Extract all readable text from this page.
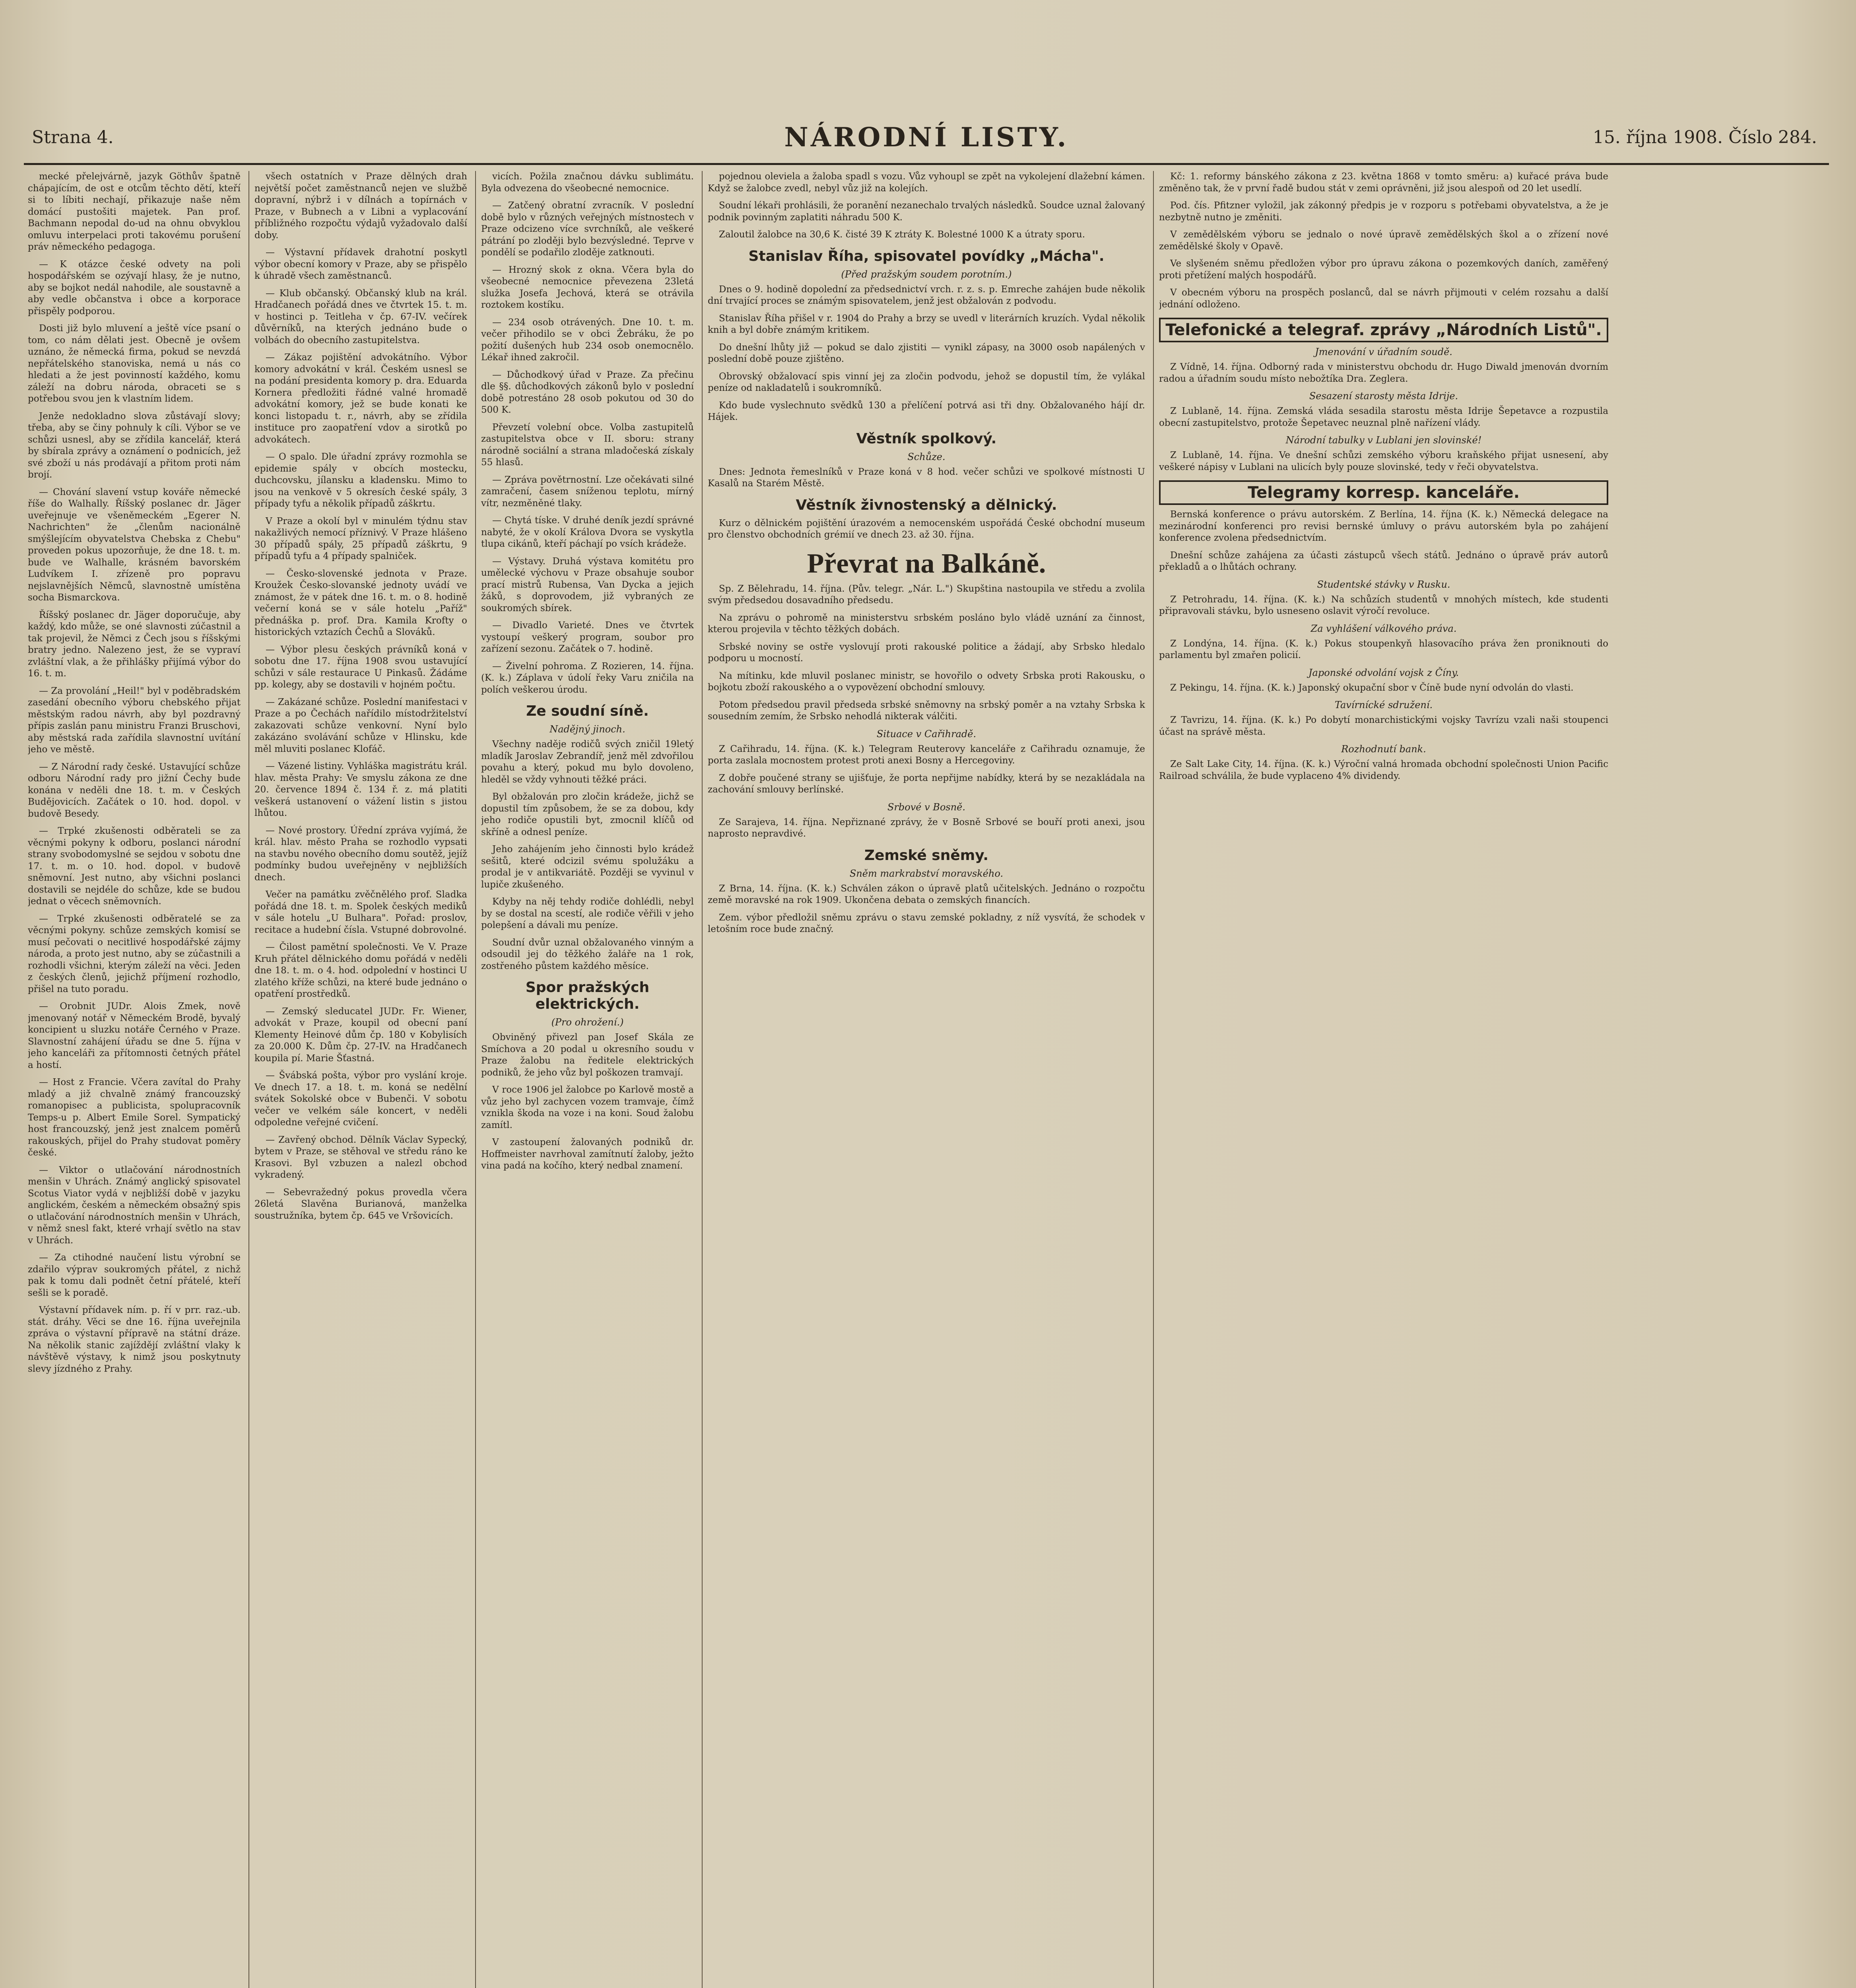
Strana 4.	NÁRODNÍ LISTY.	15. října 1908. Číslo 284.

mecké přelejvárně, jazyk Göthův špatně chápajícím, de ost e otcům těchto dětí, kteří si to líbiti nechají, přikazuje naše něm domácí pustošiti majetek. Pan prof. Bachmann nepodal do-ud na ohnu obvyklou omluvu interpelaci proti takovému porušení práv německého pedagoga.

— K otázce české odvety na poli hospodářském se ozývají hlasy, že je nutno, aby se bojkot nedál nahodile, ale soustavně a aby vedle občanstva i obce a korporace přispěly podporou.

Dosti již bylo mluvení a ještě více psaní o tom, co nám dělati jest. Obecně je ovšem uznáno, že německá firma, pokud se nevzdá nepřátelského stanoviska, nemá u nás co hledati a že jest povinností každého, komu záleží na dobru národa, obraceti se s potřebou svou jen k vlastním lidem.

Jenže nedokladno slova zůstávají slovy; třeba, aby se činy pohnuly k cíli. Výbor se ve schůzi usnesl, aby se zřídila kancelář, která by sbírala zprávy a oznámení o podnicích, jež své zboží u nás prodávají a přitom proti nám brojí.

— Chování slavení vstup kováře německé říše do Walhally. Říšský poslanec dr. Jäger uveřejnuje ve všeněmeckém „Egerer N. Nachrichten" že „členům nacionálně smýšlejícím obyvatelstva Chebska z Chebu" proveden pokus upozorňuje, že dne 18. t. m. bude ve Walhalle, krásném bavorském Ludvíkem I. zřízeně pro popravu nejslavnějších Němců, slavnostně umístěna socha Bismarckova.

Říšský poslanec dr. Jäger doporučuje, aby každý, kdo může, se oné slavnosti zúčastnil a tak projevil, že Němci z Čech jsou s říšskými bratry jedno. Nalezeno jest, že se vypraví zvláštní vlak, a že přihlášky přijímá výbor do 16. t. m.

— Za provolání „Heil!" byl v poděbradském zasedání obecního výboru chebského přijat městským radou návrh, aby byl pozdravný přípis zaslán panu ministru Franzi Bruschovi, aby městská rada zařídila slavnostní uvítání jeho ve městě.

— Z Národní rady české. Ustavující schůze odboru Národní rady pro jižní Čechy bude konána v neděli dne 18. t. m. v Českých Budějovicích. Začátek o 10. hod. dopol. v budově Besedy.

— Trpké zkušenosti odběrateli se za věcnými pokyny k odboru, poslanci národní strany svobodomyslné se sejdou v sobotu dne 17. t. m. o 10. hod. dopol. v budově sněmovní. Jest nutno, aby všichni poslanci dostavili se nejdéle do schůze, kde se budou jednat o věcech sněmovních.

— Trpké zkušenosti odběratelé se za věcnými pokyny. schůze zemských komisí se musí pečovati o necitlivé hospodářské zájmy národa, a proto jest nutno, aby se zúčastnili a rozhodli všichni, kterým záleží na věci. Jeden z českých členů, jejichž příjmení rozhodlo, přišel na tuto poradu.

— Orobnit JUDr. Alois Zmek, nově jmenovaný notář v Německém Brodě, byvalý koncipient u sluzku notáře Černého v Praze. Slavnostní zahájení úřadu se dne 5. října v jeho kanceláři za přítomnosti četných přátel a hostí.

— Host z Francie. Včera zavítal do Prahy mladý a již chvalně známý francouzský romanopisec a publicista, spolupracovník Temps-u p. Albert Emile Sorel. Sympatický host francouzský, jenž jest znalcem poměrů rakouských, přijel do Prahy studovat poměry české.

— Viktor o utlačování národnostních menšin v Uhrách. Známý anglický spisovatel Scotus Viator vydá v nejbližší době v jazyku anglickém, českém a německém obsažný spis o utlačování národnostních menšin v Uhrách, v němž snesl fakt, které vrhají světlo na stav v Uhrách.

— Za ctihodné naučení listu výrobní se zdařilo výprav soukromých přátel, z nichž pak k tomu dali podnět četní přátelé, kteří sešli se k poradě.

Výstavní přídavek ním. p. ří v prr. raz.-ub. stát. dráhy. Věci se dne 16. října uveřejnila zpráva o výstavní přípravě na státní dráze. Na několik stanic zajíždějí zvláštní vlaky k návštěvě výstavy, k nimž jsou poskytnuty slevy jízdného z Prahy.

všech ostatních v Praze dělných drah největší počet zaměstnanců nejen ve službě dopravní, nýbrž i v dílnách a topírnách v Praze, v Bubnech a v Libni a vyplacování příbližného rozpočtu výdajů vyžadovalo další doby.

— Výstavní přídavek drahotní poskytl výbor obecní komory v Praze, aby se přispělo k úhradě všech zaměstnanců.

— Klub občanský. Občanský klub na král. Hradčanech pořádá dnes ve čtvrtek 15. t. m. v hostinci p. Teitleha v čp. 67-IV. večírek důvěrníků, na kterých jednáno bude o volbách do obecního zastupitelstva.

— Zákaz pojištění advokátního. Výbor komory advokátní v král. Českém usnesl se na podání presidenta komory p. dra. Eduarda Kornera předložiti řádné valné hromadě advokátní komory, jež se bude konati ke konci listopadu t. r., návrh, aby se zřídila instituce pro zaopatření vdov a sirotků po advokátech.

— O spalo. Dle úřadní zprávy rozmohla se epidemie spály v obcích mostecku, duchcovsku, jílansku a kladensku. Mimo to jsou na venkově v 5 okresích české spály, 3 případy tyfu a několik případů záškrtu.

V Praze a okolí byl v minulém týdnu stav nakažlivých nemocí příznivý. V Praze hlášeno 30 případů spály, 25 případů záškrtu, 9 případů tyfu a 4 případy spalniček.

— Česko-slovenské jednota v Praze. Kroužek Česko-slovanské jednoty uvádí ve známost, že v pátek dne 16. t. m. o 8. hodině večerní koná se v sále hotelu „Paříž" přednáška p. prof. Dra. Kamila Krofty o historických vztazích Čechů a Slováků.

— Výbor plesu českých právníků koná v sobotu dne 17. října 1908 svou ustavující schůzi v sále restaurace U Pinkasů. Žádáme pp. kolegy, aby se dostavili v hojném počtu.

— Zakázané schůze. Poslední manifestaci v Praze a po Čechách nařídilo místodržitelství zakazovati schůze venkovní. Nyní bylo zakázáno svolávání schůze v Hlinsku, kde měl mluviti poslanec Klofáč.

— Vázené listiny. Vyhláška magistrátu král. hlav. města Prahy: Ve smyslu zákona ze dne 20. července 1894 č. 134 ř. z. má platiti veškerá ustanovení o vážení listin s jistou lhůtou.

— Nové prostory. Úřední zpráva vyjímá, že král. hlav. město Praha se rozhodlo vypsati na stavbu nového obecního domu soutěž, jejíž podmínky budou uveřejněny v nejbližších dnech.

Večer na památku zvěčnělého prof. Sladka pořádá dne 18. t. m. Spolek českých mediků v sále hotelu „U Bulhara". Pořad: proslov, recitace a hudební čísla. Vstupné dobrovolné.

— Čilost pamětní společnosti. Ve V. Praze Kruh přátel dělnického domu pořádá v neděli dne 18. t. m. o 4. hod. odpolední v hostinci U zlatého kříže schůzi, na které bude jednáno o opatření prostředků.

— Zemský sleducatel JUDr. Fr. Wiener, advokát v Praze, koupil od obecní paní Klementy Heinové dům čp. 180 v Kobylisích za 20.000 K. Dům čp. 27-IV. na Hradčanech koupila pí. Marie Šťastná.

— Švábská pošta, výbor pro vyslání kroje. Ve dnech 17. a 18. t. m. koná se nedělní svátek Sokolské obce v Bubenči. V sobotu večer ve velkém sále koncert, v neděli odpoledne veřejné cvičení.

— Zavřený obchod. Dělník Václav Sypecký, bytem v Praze, se stěhoval ve středu ráno ke Krasovi. Byl vzbuzen a nalezl obchod vykradený.

— Sebevražedný pokus provedla včera 26letá Slavěna Burianová, manželka soustružníka, bytem čp. 645 ve Vršovicích.

vicích. Požila značnou dávku sublimátu. Byla odvezena do všeobecné nemocnice.

— Zatčený obratní zvracník. V poslední době bylo v různých veřejných místnostech v Praze odcizeno více svrchníků, ale veškeré pátrání po zloději bylo bezvýsledné. Teprve v pondělí se podařilo zloděje zatknouti.

— Hrozný skok z okna. Včera byla do všeobecné nemocnice převezena 23letá služka Josefa Jechová, která se otrávila roztokem kostíku.

— 234 osob otrávených. Dne 10. t. m. večer přihodilo se v obci Žebráku, že po požití dušených hub 234 osob onemocnělo. Lékař ihned zakročil.

— Důchodkový úřad v Praze. Za přečinu dle §§. důchodkových zákonů bylo v poslední době potrestáno 28 osob pokutou od 30 do 500 K.

Převzetí volební obce. Volba zastupitelů zastupitelstva obce v II. sboru: strany národně sociální a strana mladočeská získaly 55 hlasů.

— Zpráva povětrnostní. Lze očekávati silné zamračení, časem sníženou teplotu, mírný vítr, nezměněné tlaky.

— Chytá tíske. V druhé deník jezdí správné nabyté, že v okolí Králova Dvora se vyskytla tlupa cikánů, kteří páchají po vsích krádeže.

— Výstavy. Druhá výstava komitétu pro umělecké výchovu v Praze obsahuje soubor prací mistrů Rubensa, Van Dycka a jejich žáků, s doprovodem, již vybraných ze soukromých sbírek.

— Divadlo Varieté. Dnes ve čtvrtek vystoupí veškerý program, soubor pro zařízení sezonu. Začátek o 7. hodině.

— Živelní pohroma. Z Rozieren, 14. října. (K. k.) Záplava v údolí řeky Varu zničila na polích veškerou úrodu.

Ze soudní síně.
Nadějný jinoch.

Všechny naděje rodičů svých zničil 19letý mladík Jaroslav Zebrandíř, jenž měl zdvořilou povahu a který, pokud mu bylo dovoleno, hleděl se vždy vyhnouti těžké práci.

Byl obžalován pro zločin krádeže, jichž se dopustil tím způsobem, že se za dobou, kdy jeho rodiče opustili byt, zmocnil klíčů od skříně a odnesl peníze.

Jeho zahájením jeho činnosti bylo krádež sešitů, které odcizil svému spolužáku a prodal je v antikvariátě. Později se vyvinul v lupiče zkušeného.

Kdyby na něj tehdy rodiče dohlédli, nebyl by se dostal na scestí, ale rodiče věřili v jeho polepšení a dávali mu peníze.

Soudní dvůr uznal obžalovaného vinným a odsoudil jej do těžkého žaláře na 1 rok, zostřeného půstem každého měsíce.

Spor pražských elektrických.
(Pro ohrožení.)

Obviněný přivezl pan Josef Skála ze Smíchova a 20 podal u okresního soudu v Praze žalobu na ředitele elektrických podniků, že jeho vůz byl poškozen tramvají.

V roce 1906 jel žalobce po Karlově mostě a vůz jeho byl zachycen vozem tramvaje, čímž vznikla škoda na voze i na koni. Soud žalobu zamítl.

V zastoupení žalovaných podniků dr. Hoffmeister navrhoval zamítnutí žaloby, ježto vina padá na kočího, který nedbal znamení.

pojednou oleviela a žaloba spadl s vozu. Vůz vyhoupl se zpět na vykolejení dlažební kámen. Když se žalobce zvedl, nebyl vůz již na kolejích.

Soudní lékaři prohlásili, že poranění nezanechalo trvalých následků. Soudce uznal žalovaný podnik povinným zaplatiti náhradu 500 K.

Zaloutil žalobce na 30,6 K. čisté 39 K ztráty K. Bolestné 1000 K a útraty sporu.

Stanislav Říha, spisovatel povídky „Mácha".
(Před pražským soudem porotním.)

Dnes o 9. hodině dopolední za předsednictví vrch. r. z. s. p. Emreche zahájen bude několik dní trvající proces se známým spisovatelem, jenž jest obžalován z podvodu.

Stanislav Říha přišel v r. 1904 do Prahy a brzy se uvedl v literárních kruzích. Vydal několik knih a byl dobře známým kritikem.

Do dnešní lhůty již — pokud se dalo zjistiti — vynikl zápasy, na 3000 osob napálených v poslední době pouze zjištěno.

Obrovský obžalovací spis vinní jej za zločin podvodu, jehož se dopustil tím, že vylákal peníze od nakladatelů i soukromníků.

Kdo bude vyslechnuto svědků 130 a přelíčení potrvá asi tři dny. Obžalovaného hájí dr. Hájek.

Věstník spolkový.
Schůze.

Dnes: Jednota řemeslníků v Praze koná v 8 hod. večer schůzi ve spolkové místnosti U Kasalů na Starém Městě.

Věstník živnostenský a dělnický.

Kurz o dělnickém pojištění úrazovém a nemocenském uspořádá České obchodní museum pro členstvo obchodních grémií ve dnech 23. až 30. října.

Převrat na Balkáně.

Sp. Z Bělehradu, 14. října. (Pův. telegr. „Nár. L.") Skupština nastoupila ve středu a zvolila svým předsedou dosavadního předsedu.

Na zprávu o pohromě na ministerstvu srbském posláno bylo vládě uznání za činnost, kterou projevila v těchto těžkých dobách.

Srbské noviny se ostře vyslovují proti rakouské politice a žádají, aby Srbsko hledalo podporu u mocností.

Na mítinku, kde mluvil poslanec ministr, se hovořilo o odvety Srbska proti Rakousku, o bojkotu zboží rakouského a o vypovězení obchodní smlouvy.

Potom předsedou pravil předseda srbské sněmovny na srbský poměr a na vztahy Srbska k sousedním zemím, že Srbsko nehodlá nikterak válčiti.

Situace v Cařihradě.

Z Cařihradu, 14. října. (K. k.) Telegram Reuterovy kanceláře z Cařihradu oznamuje, že porta zaslala mocnostem protest proti anexi Bosny a Hercegoviny.

Z dobře poučené strany se ujišťuje, že porta nepřijme nabídky, která by se nezakládala na zachování smlouvy berlínské.

Srbové v Bosně.

Ze Sarajeva, 14. října. Nepřiznané zprávy, že v Bosně Srbové se bouří proti anexi, jsou naprosto nepravdivé.

Zemské sněmy.
Sněm markrabství moravského.

Z Brna, 14. října. (K. k.) Schválen zákon o úpravě platů učitelských. Jednáno o rozpočtu země moravské na rok 1909. Ukončena debata o zemských financích.

Zem. výbor předložil sněmu zprávu o stavu zemské pokladny, z níž vysvítá, že schodek v letošním roce bude značný.

Kč: 1. reformy bánského zákona z 23. května 1868 v tomto směru: a) kuřacé práva bude změněno tak, že v první řadě budou stát v zemi oprávněni, již jsou alespoň od 20 let usedlí.

Pod. čís. Pfitzner vyložil, jak zákonný předpis je v rozporu s potřebami obyvatelstva, a že je nezbytně nutno je změniti.

V zemědělském výboru se jednalo o nové úpravě zemědělských škol a o zřízení nové zemědělské školy v Opavě.

Ve slyšeném sněmu předložen výbor pro úpravu zákona o pozemkových daních, zaměřený proti přetížení malých hospodářů.

V obecném výboru na prospěch poslanců, dal se návrh přijmouti v celém rozsahu a další jednání odloženo.

Telefonické a telegraf. zprávy „Národních Listů".
Jmenování v úřadním soudě.

Z Vídně, 14. října. Odborný rada v ministerstvu obchodu dr. Hugo Diwald jmenován dvorním radou a úřadním soudu místo nebožtíka Dra. Zeglera.

Sesazení starosty města Idrije.

Z Lublaně, 14. října. Zemská vláda sesadila starostu města Idrije Šepetavce a rozpustila obecní zastupitelstvo, protože Šepetavec neuznal plně nařízení vlády.

Národní tabulky v Lublani jen slovinské!

Z Lublaně, 14. října. Ve dnešní schůzi zemského výboru kraňského přijat usnesení, aby veškeré nápisy v Lublani na ulicích byly pouze slovinské, tedy v řeči obyvatelstva.

Telegramy korresp. kanceláře.

Bernská konference o právu autorském. Z Berlína, 14. října (K. k.) Německá delegace na mezinárodní konferenci pro revisi bernské úmluvy o právu autorském byla po zahájení konference zvolena předsednictvím.

Dnešní schůze zahájena za účasti zástupců všech států. Jednáno o úpravě práv autorů překladů a o lhůtách ochrany.

Studentské stávky v Rusku.

Z Petrohradu, 14. října. (K. k.) Na schůzích studentů v mnohých místech, kde studenti připravovali stávku, bylo usneseno oslavit výročí revoluce.

Za vyhlášení válkového práva.

Z Londýna, 14. října. (K. k.) Pokus stoupenkyň hlasovacího práva žen proniknouti do parlamentu byl zmařen policií.

Japonské odvolání vojsk z Číny.

Z Pekingu, 14. října. (K. k.) Japonský okupační sbor v Číně bude nyní odvolán do vlasti.

Tavírnícké sdružení.

Z Tavrizu, 14. října. (K. k.) Po dobytí monarchistickými vojsky Tavrízu vzali naši stoupenci účast na správě města.

Rozhodnutí bank.

Ze Salt Lake City, 14. října. (K. k.) Výroční valná hromada obchodní společnosti Union Pacific Railroad schválila, že bude vyplaceno 4% dividendy.
